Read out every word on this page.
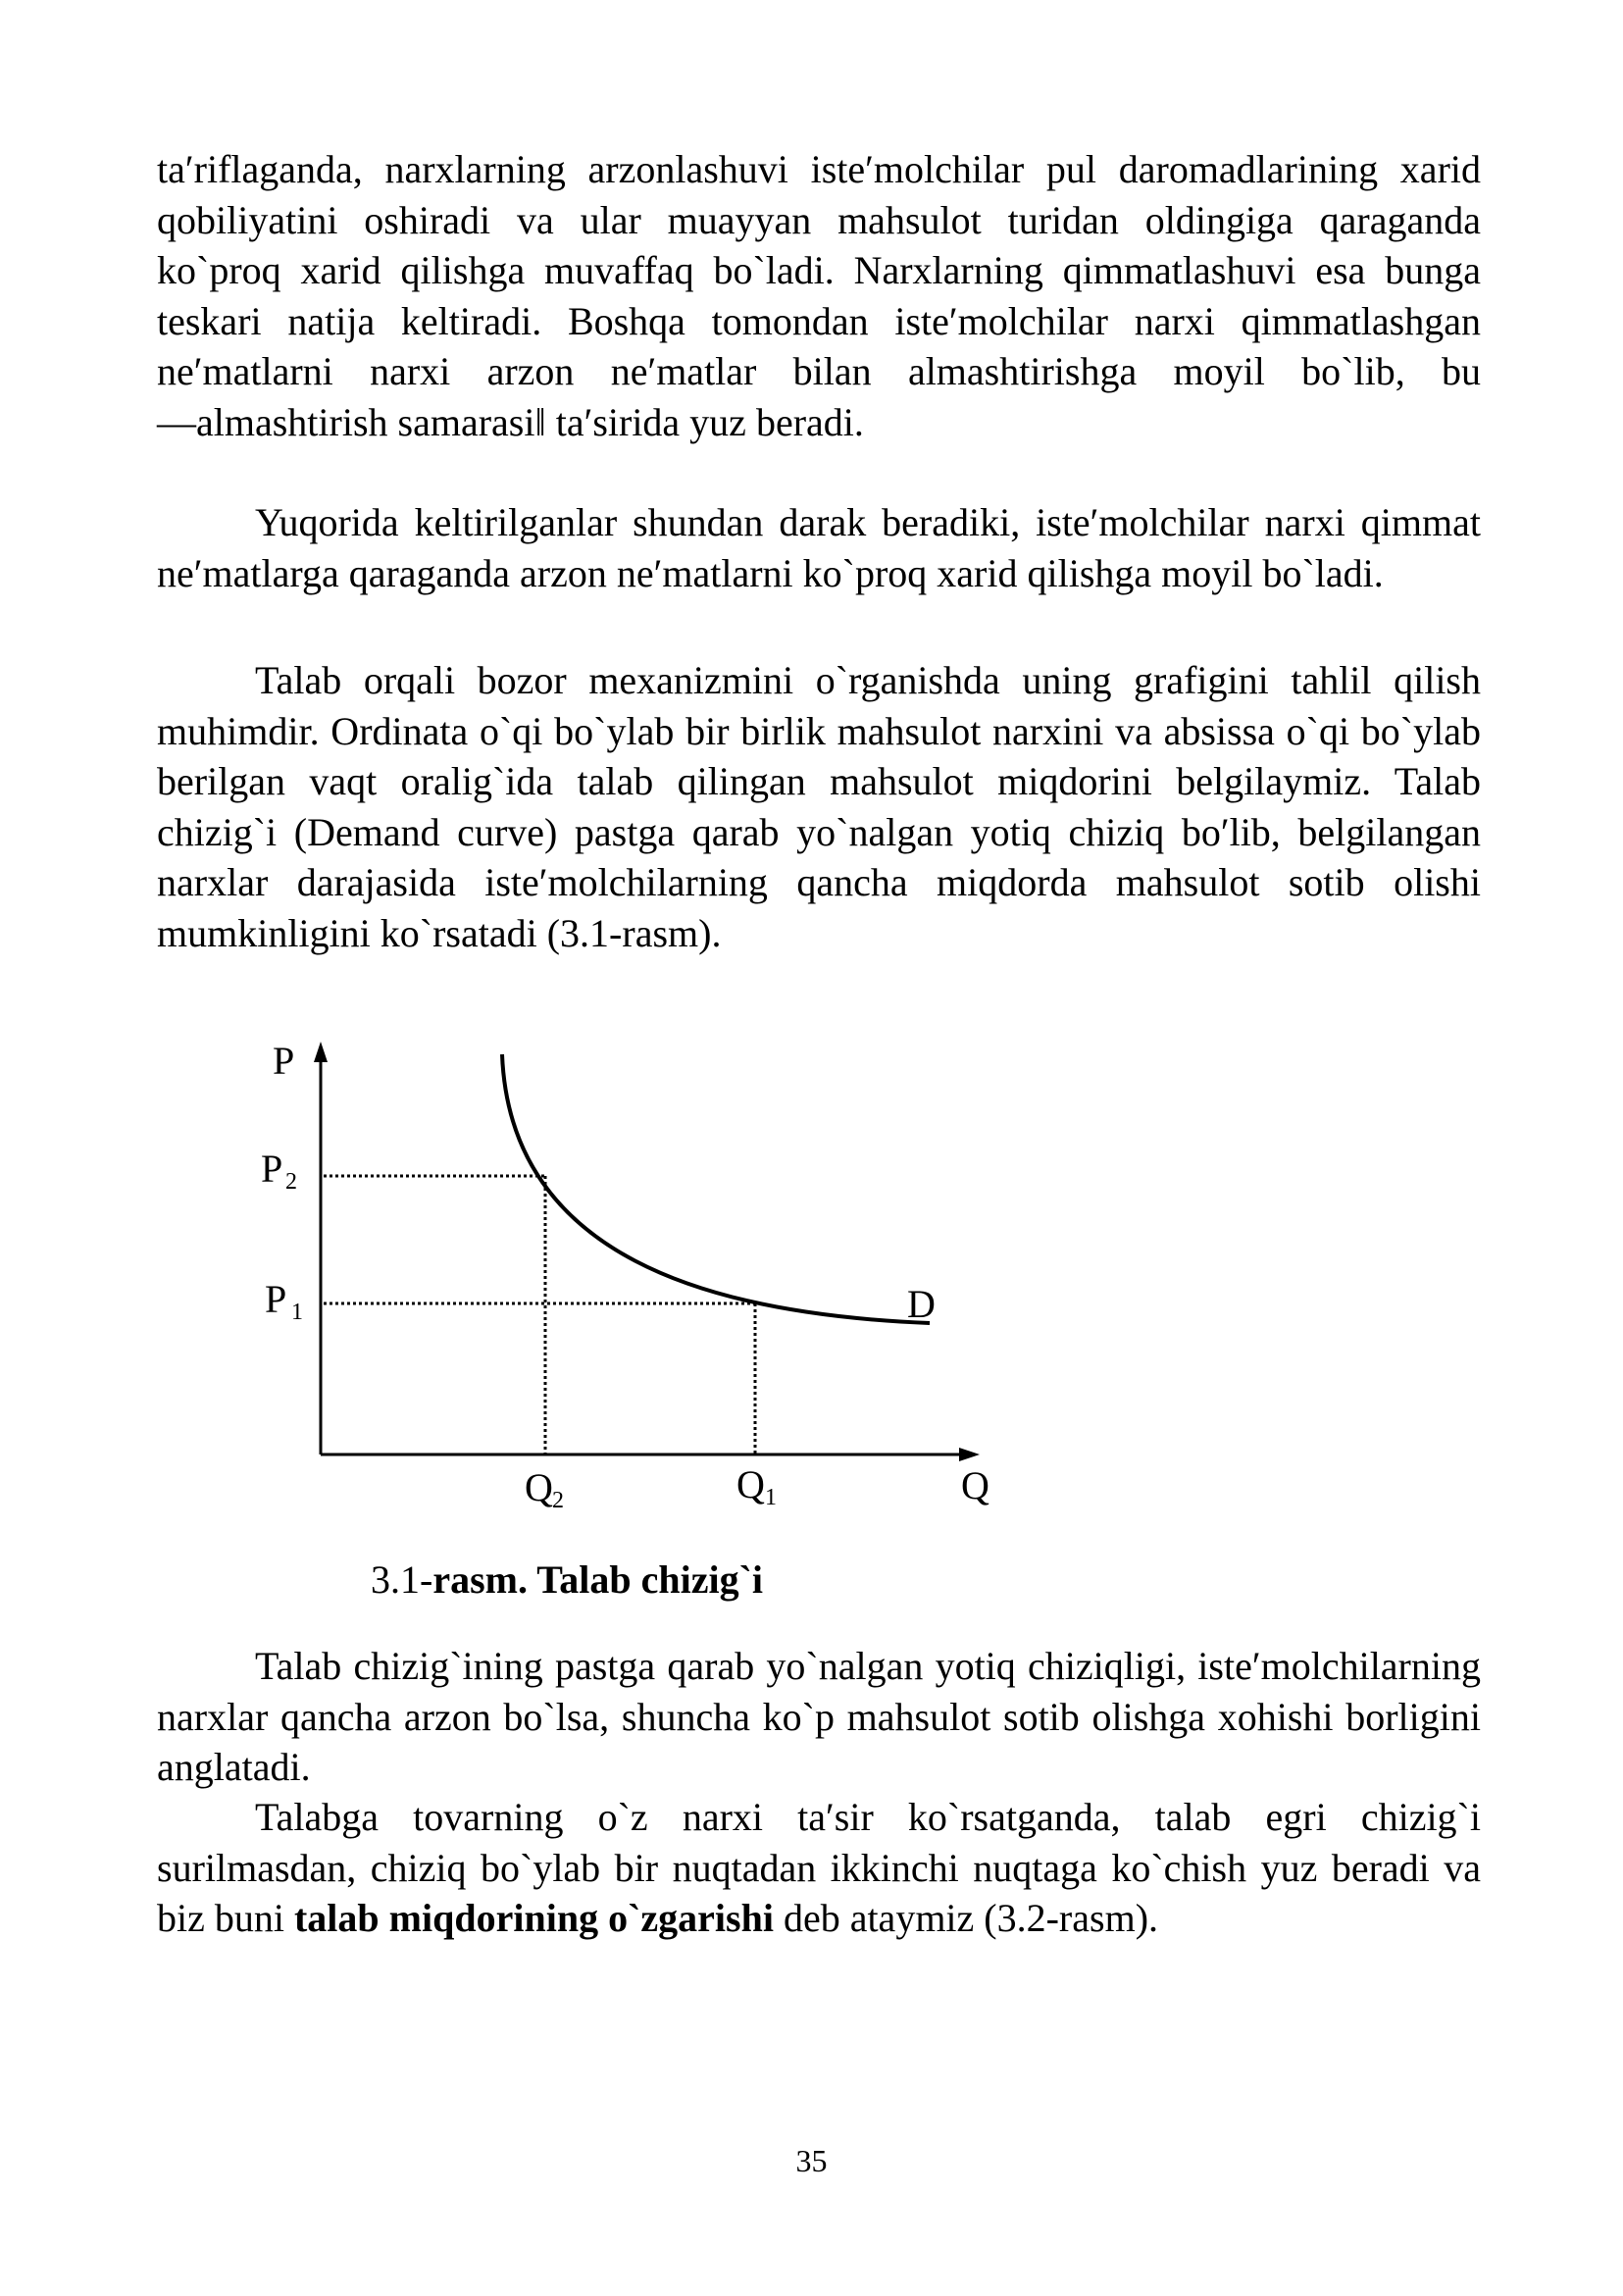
ta′riflaganda, narxlarning arzonlashuvi iste′molchilar pul daromadlarining xarid qobiliyatini oshiradi va ular muayyan mahsulot turidan oldingiga qaraganda ko`proq xarid qilishga muvaffaq bo`ladi. Narxlarning qimmatlashuvi esa bunga teskari natija keltiradi. Boshqa tomondan iste′molchilar narxi qimmatlashgan ne′matlarni narxi arzon ne′matlar bilan almashtirishga moyil bo`lib, bu ―almashtirish samarasi‖ ta′sirida yuz beradi.

Yuqorida keltirilganlar shundan darak beradiki, iste′molchilar narxi qimmat ne′matlarga qaraganda arzon ne′matlarni ko`proq xarid qilishga moyil bo`ladi.

Talab orqali bozor mexanizmini o`rganishda uning grafigini tahlil qilish muhimdir. Ordinata o`qi bo`ylab bir birlik mahsulot narxini va absissa o`qi bo`ylab berilgan vaqt oralig`ida talab qilingan mahsulot miqdorini belgilaymiz. Talab chizig`i (Demand curve) pastga qarab yo`nalgan yotiq chiziq bo′lib, belgilangan narxlar darajasida iste′molchilarning qancha miqdorda mahsulot sotib olishi mumkinligini ko`rsatadi (3.1-rasm).

P
Q
P 2
P 1
Q 2	Q 1
D
3.1-rasm. Talab chizig`i

Talab chizig`ining pastga qarab yo`nalgan yotiq chiziqligi, iste′molchilarning narxlar qancha arzon bo`lsa, shuncha ko`p mahsulot sotib olishga xohishi borligini anglatadi.

Talabga tovarning o`z narxi ta′sir ko`rsatganda, talab egri chizig`i surilmasdan, chiziq bo`ylab bir nuqtadan ikkinchi nuqtaga ko`chish yuz beradi va biz buni talab miqdorining o`zgarishi deb ataymiz (3.2-rasm).

35
